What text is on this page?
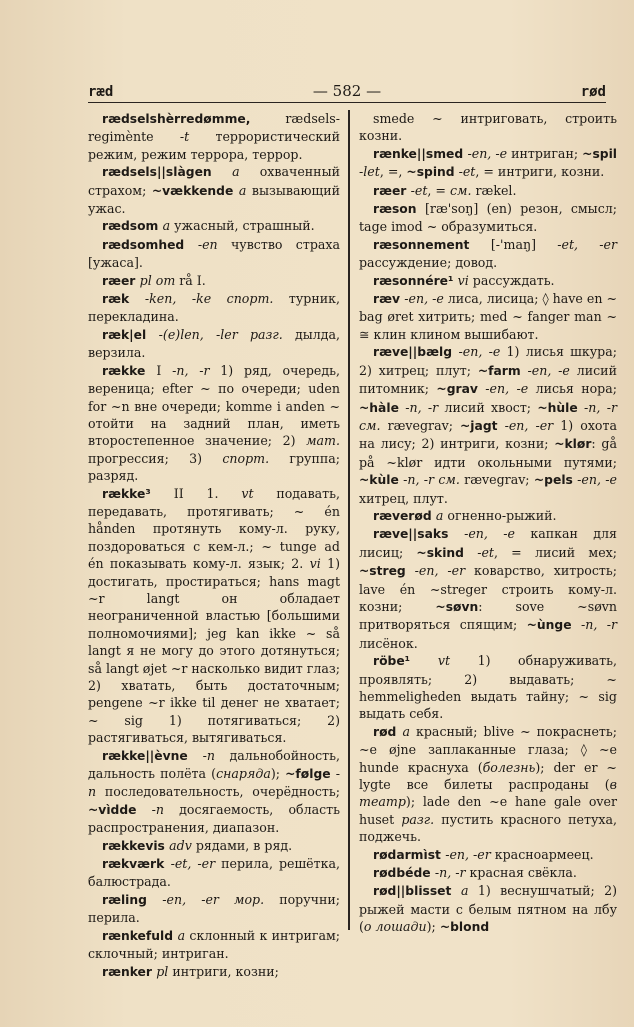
ræd	— 582 —	rød

rædselshèrredømme, rædselsregimènte -t террористический режим, режим террора, террор.

rædsels||slàgen a охваченный страхом; ~vækkende a вызывающий ужас.

rædsom a ужасный, страшный.

rædsomhed -en чувство страха [ужаса].

ræer pl om rå I.

ræk -ken, -ke спорт. турник, перекладина.

ræk|el -(e)len, -ler разг. дылда, верзила.

række I -n, -r 1) ряд, очередь, вереница; efter ~ по очереди; uden for ~n вне очереди; komme i anden ~ отойти на задний план, иметь второстепенное значение; 2) мат. прогрессия; 3) спорт. группа; разряд.

række³ II 1. vt подавать, передавать, протягивать; ~ én hånden протянуть кому-л. руку, поздороваться с кем-л.; ~ tunge ad én показывать кому-л. язык; 2. vi 1) достигать, простираться; hans magt ~r langt он обладает неограниченной властью [большими полномочиями]; jeg kan ikke ~ så langt я не могу до этого дотянуться; så langt øjet ~r насколько видит глаз; 2) хватать, быть достаточным; pengene ~r ikke til денег не хватает; ~ sig 1) потягиваться; 2) растягиваться, вытягиваться.

række||èvne -n дальнобойность, дальность полёта (снаряда); ~følge -n последовательность, очерёдность; ~vìdde -n досягаемость, область распространения, диапазон.

rækkevis adv рядами, в ряд.

rækværk -et, -er перила, решётка, балюстрада.

ræling -en, -er мор. поручни; перила.

rænkefuld a склонный к интригам; склочный; интриган.

rænker pl интриги, козни;

smede ~ интриговать, строить козни.

rænke||smed -en, -e интриган; ~spil -let, =, ~spind -et, = интриги, козни.

ræer -et, = см. rækel.

ræson [ræ'soŋ] (en) резон, смысл; tage imod ~ образумиться.

ræsonnement [-'maŋ] -et, -er рассуждение; довод.

ræsonnére¹ vi рассуждать.

ræv -en, -e лиса, лисица; ◊ have en ~ bag øret хитрить; med ~ fanger man ~ ≅ клин клином вышибают.

ræve||bælg -en, -e 1) лисья шкура; 2) хитрец; плут; ~farm -en, -e лисий питомник; ~grav -en, -e лисья нора; ~hàle -n, -r лисий хвост; ~hùle -n, -r см. rævegrav; ~jagt -en, -er 1) охота на лису; 2) интриги, козни; ~klør: gå på ~klør идти окольными путями; ~kùle -n, -r см. rævegrav; ~pels -en, -e хитрец, плут.

ræverød a огненно-рыжий.

ræve||saks -en, -e капкан для лисиц; ~skind -et, = лисий мех; ~streg -en, -er коварство, хитрость; lave én ~streger строить кому-л. козни; ~søvn: sove ~søvn притворяться спящим; ~ùnge -n, -r лисёнок.

röbe¹ vt 1) обнаруживать, проявлять; 2) выдавать; ~ hemmeligheden выдать тайну; ~ sig выдать себя.

rød a красный; blive ~ покраснеть; ~e øjne заплаканные глаза; ◊ ~e hunde краснуха (болезнь); der er ~ lygte все билеты распроданы (в театр); lade den ~e hane gale over huset разг. пустить красного петуха, поджечь.

rødarmìst -en, -er красноармеец.

rødbéde -n, -r красная свёкла.

rød||blisset a 1) веснушчатый; 2) рыжей масти с белым пятном на лбу (о лошади); ~blond
